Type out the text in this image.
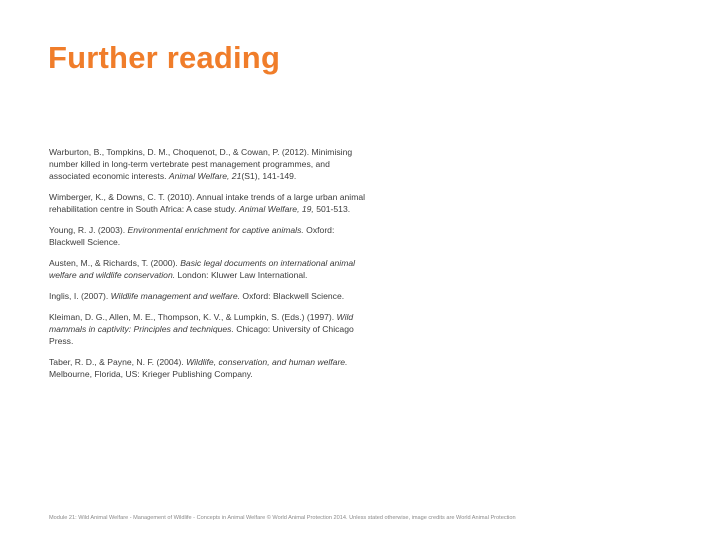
Further reading

Warburton, B., Tompkins, D. M., Choquenot, D., & Cowan, P. (2012). Minimising number killed in long-term vertebrate pest management programmes, and associated economic interests. Animal Welfare, 21(S1), 141-149.

Wimberger, K., & Downs, C. T. (2010). Annual intake trends of a large urban animal rehabilitation centre in South Africa: A case study. Animal Welfare, 19, 501-513.

Young, R. J. (2003). Environmental enrichment for captive animals. Oxford: Blackwell Science.

Austen, M., & Richards, T. (2000). Basic legal documents on international animal welfare and wildlife conservation. London: Kluwer Law International.

Inglis, I. (2007). Wildlife management and welfare. Oxford: Blackwell Science.

Kleiman, D. G., Allen, M. E., Thompson, K. V., & Lumpkin, S. (Eds.) (1997). Wild mammals in captivity: Principles and techniques. Chicago: University of Chicago Press.

Taber, R. D., & Payne, N. F. (2004). Wildlife, conservation, and human welfare. Melbourne, Florida, US: Krieger Publishing Company.

Module 21: Wild Animal Welfare - Management of Wildlife - Concepts in Animal Welfare © World Animal Protection 2014. Unless stated otherwise, image credits are World Animal Protection
